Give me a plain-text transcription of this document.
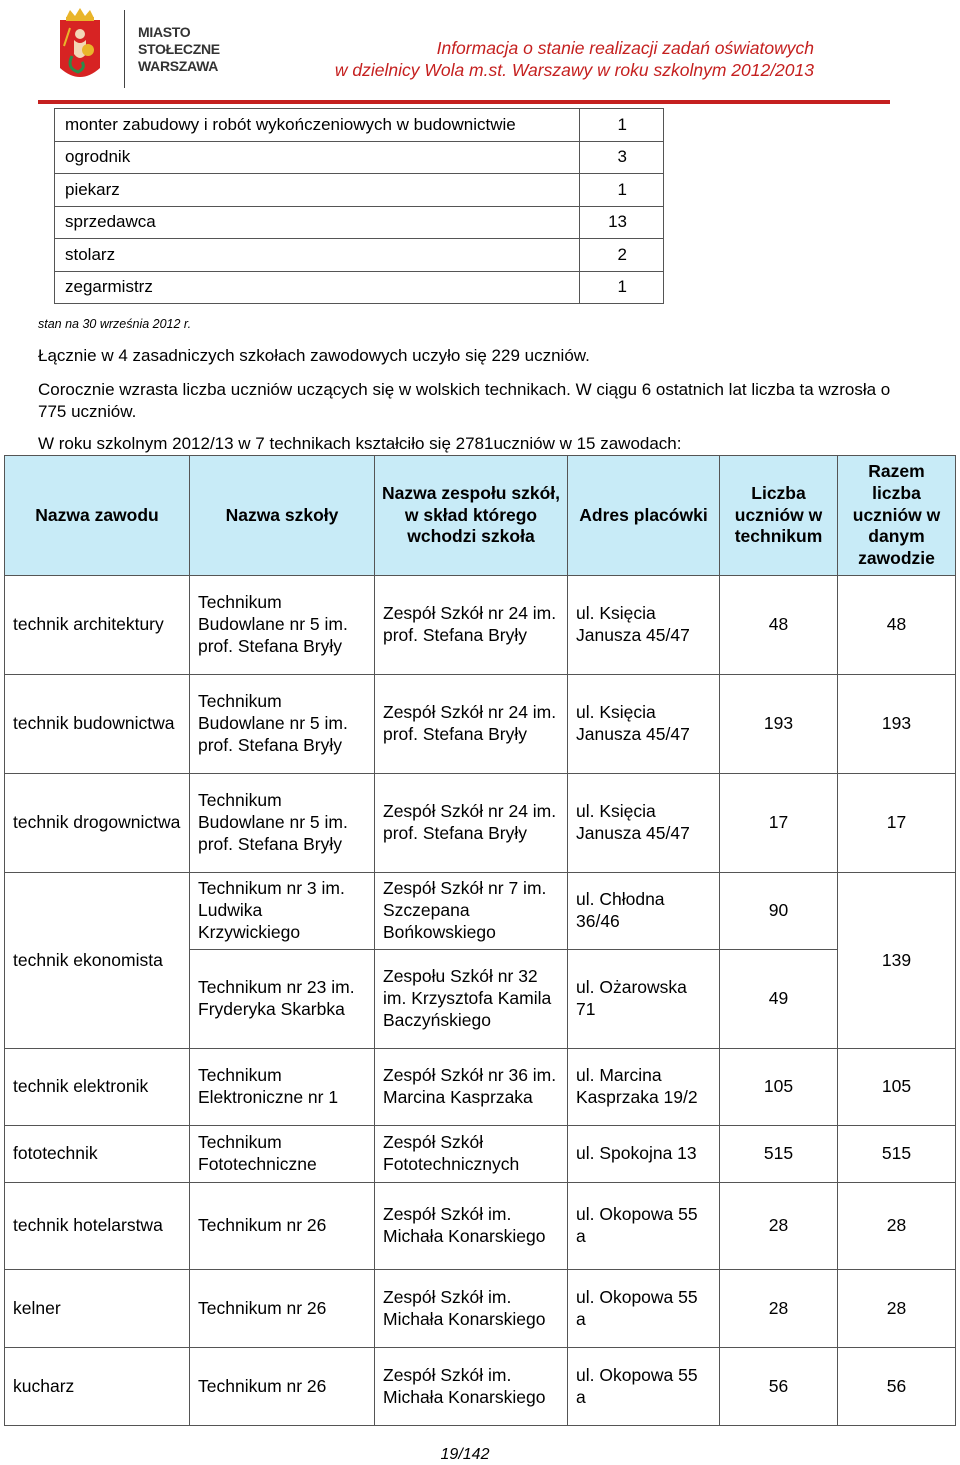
MIASTO
STOŁECZNE
WARSZAWA
Informacja o stanie realizacji zadań oświatowych
w dzielnicy Wola m.st. Warszawy w roku szkolnym 2012/2013
monter zabudowy i robót wykończeniowych w budownictwie	1
ogrodnik	3
piekarz	1
sprzedawca	13
stolarz	2
zegarmistrz	1
stan na 30 września 2012 r.
Łącznie w 4 zasadniczych szkołach zawodowych uczyło się 229 uczniów.
Corocznie wzrasta liczba uczniów uczących się w wolskich technikach. W ciągu 6 ostatnich lat liczba ta wzrosła o 775 uczniów.
W roku szkolnym 2012/13 w 7 technikach kształciło się 2781uczniów w 15 zawodach:
Nazwa zawodu	Nazwa szkoły	Nazwa zespołu szkół, w skład którego wchodzi szkoła	Adres placówki	Liczba uczniów w technikum	Razem liczba uczniów w danym zawodzie
technik architektury	Technikum Budowlane nr 5 im. prof. Stefana Bryły	Zespół Szkół nr 24 im. prof. Stefana Bryły	ul. Księcia Janusza 45/47	48	48
technik budownictwa	Technikum Budowlane nr 5 im. prof. Stefana Bryły	Zespół Szkół nr 24 im. prof. Stefana Bryły	ul. Księcia Janusza 45/47	193	193
technik drogownictwa	Technikum Budowlane nr 5 im. prof. Stefana Bryły	Zespół Szkół nr 24 im. prof. Stefana Bryły	ul. Księcia Janusza 45/47	17	17
technik ekonomista	Technikum nr 3 im. Ludwika Krzywickiego	Zespół Szkół nr 7 im. Szczepana Bońkowskiego	ul. Chłodna 36/46	90	139
	Technikum nr 23 im. Fryderyka Skarbka	Zespołu Szkół nr 32 im. Krzysztofa Kamila Baczyńskiego	ul. Ożarowska 71	49	
technik elektronik	Technikum Elektroniczne nr 1	Zespół Szkół nr 36 im. Marcina Kasprzaka	ul. Marcina Kasprzaka 19/2	105	105
fototechnik	Technikum Fototechniczne	Zespół Szkół Fototechnicznych	ul. Spokojna 13	515	515
technik hotelarstwa	Technikum nr 26	Zespół Szkół im. Michała Konarskiego	ul. Okopowa 55 a	28	28
kelner	Technikum nr 26	Zespół Szkół im. Michała Konarskiego	ul. Okopowa 55 a	28	28
kucharz	Technikum nr 26	Zespół Szkół im. Michała Konarskiego	ul. Okopowa 55 a	56	56
19/142
